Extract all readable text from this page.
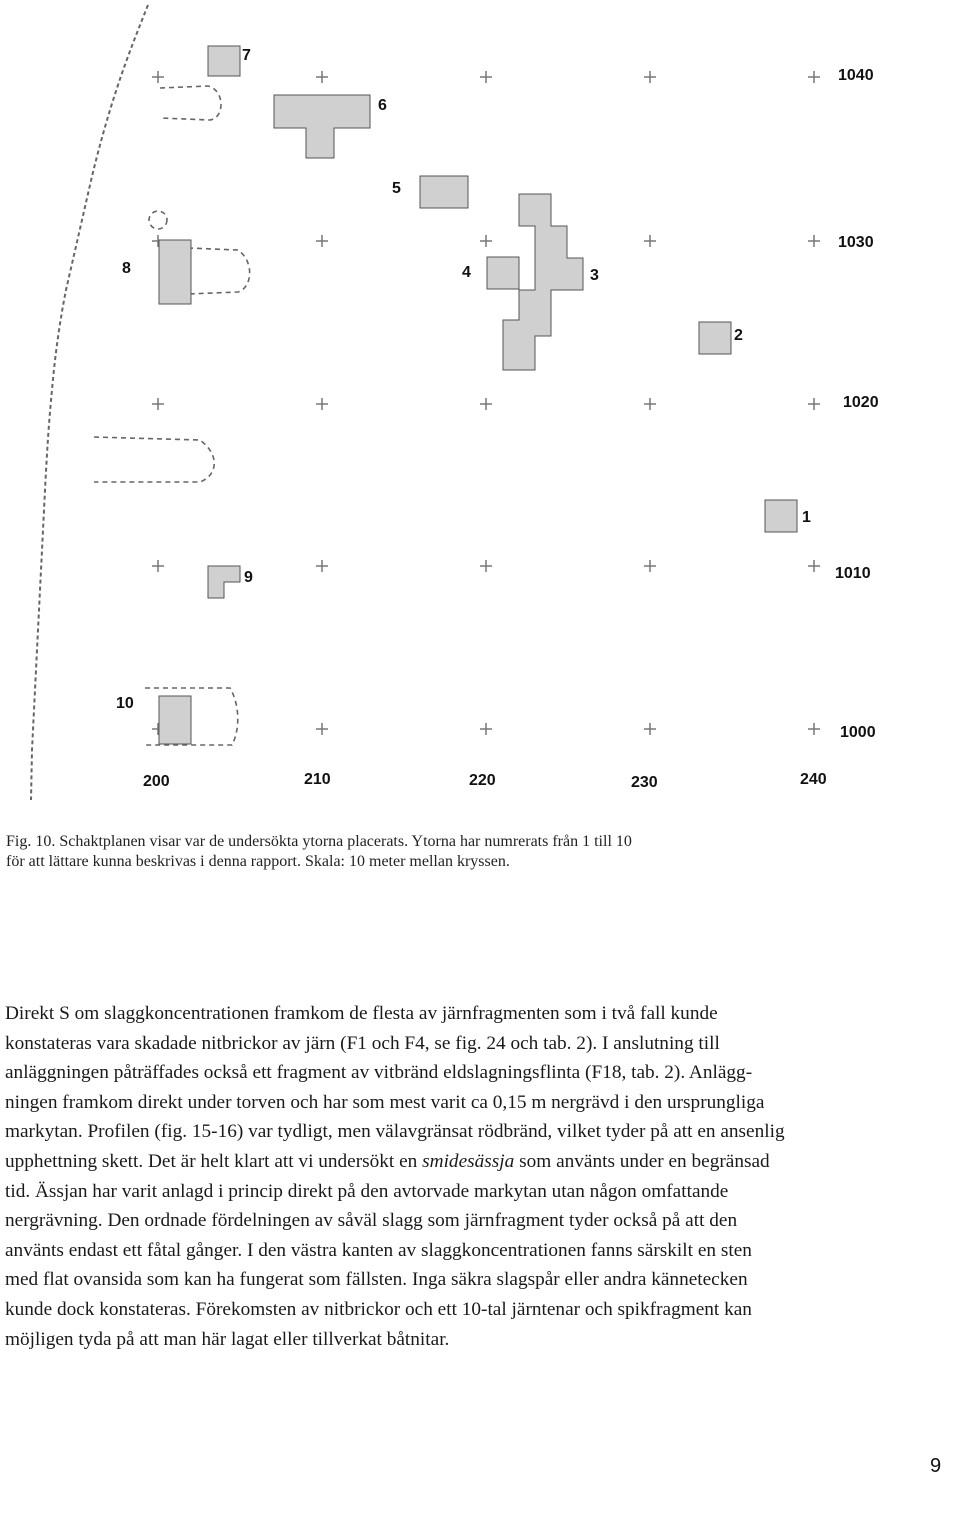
7
6
5
4	3
2
1
8
9
10
1040
1030
1020
1010
1000
200	210	220	230	240

Fig. 10. Schaktplanen visar var de undersökta ytorna placerats. Ytorna har numrerats från 1 till 10

för att lättare kunna beskrivas i denna rapport. Skala: 10 meter mellan kryssen.

Direkt S om slaggkoncentrationen framkom de flesta av järnfragmenten som i två fall kunde

konstateras vara skadade nitbrickor av järn (F1 och F4, se fig. 24 och tab. 2). I anslutning till

anläggningen påträffades också ett fragment av vitbränd eldslagningsflinta (F18, tab. 2). Anlägg-

ningen framkom direkt under torven och har som mest varit ca 0,15 m nergrävd i den ursprungliga

markytan. Profilen (fig. 15-16) var tydligt, men välavgränsat rödbränd, vilket tyder på att en ansenlig

upphettning skett. Det är helt klart att vi undersökt en smidesässja som använts under en begränsad

tid. Ässjan har varit anlagd i princip direkt på den avtorvade markytan utan någon omfattande

nergrävning. Den ordnade fördelningen av såväl slagg som järnfragment tyder också på att den

använts endast ett fåtal gånger. I den västra kanten av slaggkoncentrationen fanns särskilt en sten

med flat ovansida som kan ha fungerat som fällsten. Inga säkra slagspår eller andra kännetecken

kunde dock konstateras. Förekomsten av nitbrickor och ett 10-tal järntenar och spikfragment kan

möjligen tyda på att man här lagat eller tillverkat båtnitar.

9
